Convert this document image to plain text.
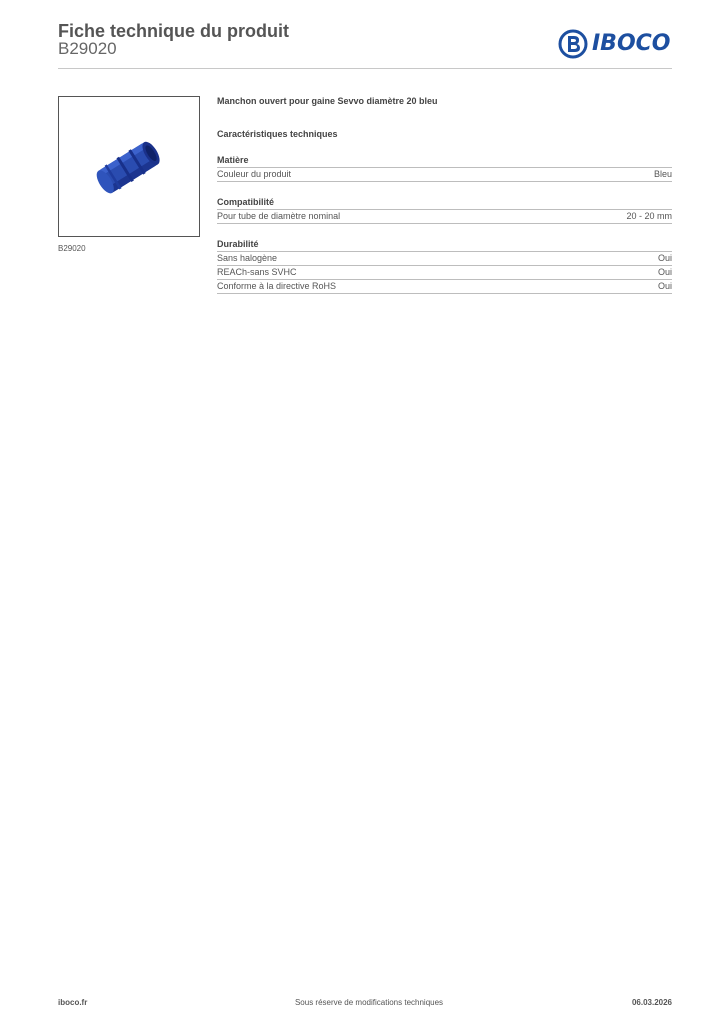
Fiche technique du produit
B29020	IBOCO
B29020
Manchon ouvert pour gaine Sevvo diamètre 20 bleu
Caractéristiques techniques
Matière
Couleur du produit	Bleu
Compatibilité
Pour tube de diamètre nominal	20 - 20 mm
Durabilité
Sans halogène	Oui
REACh-sans SVHC	Oui
Conforme à la directive RoHS	Oui
iboco.fr	Sous réserve de modifications techniques	06.03.2026
